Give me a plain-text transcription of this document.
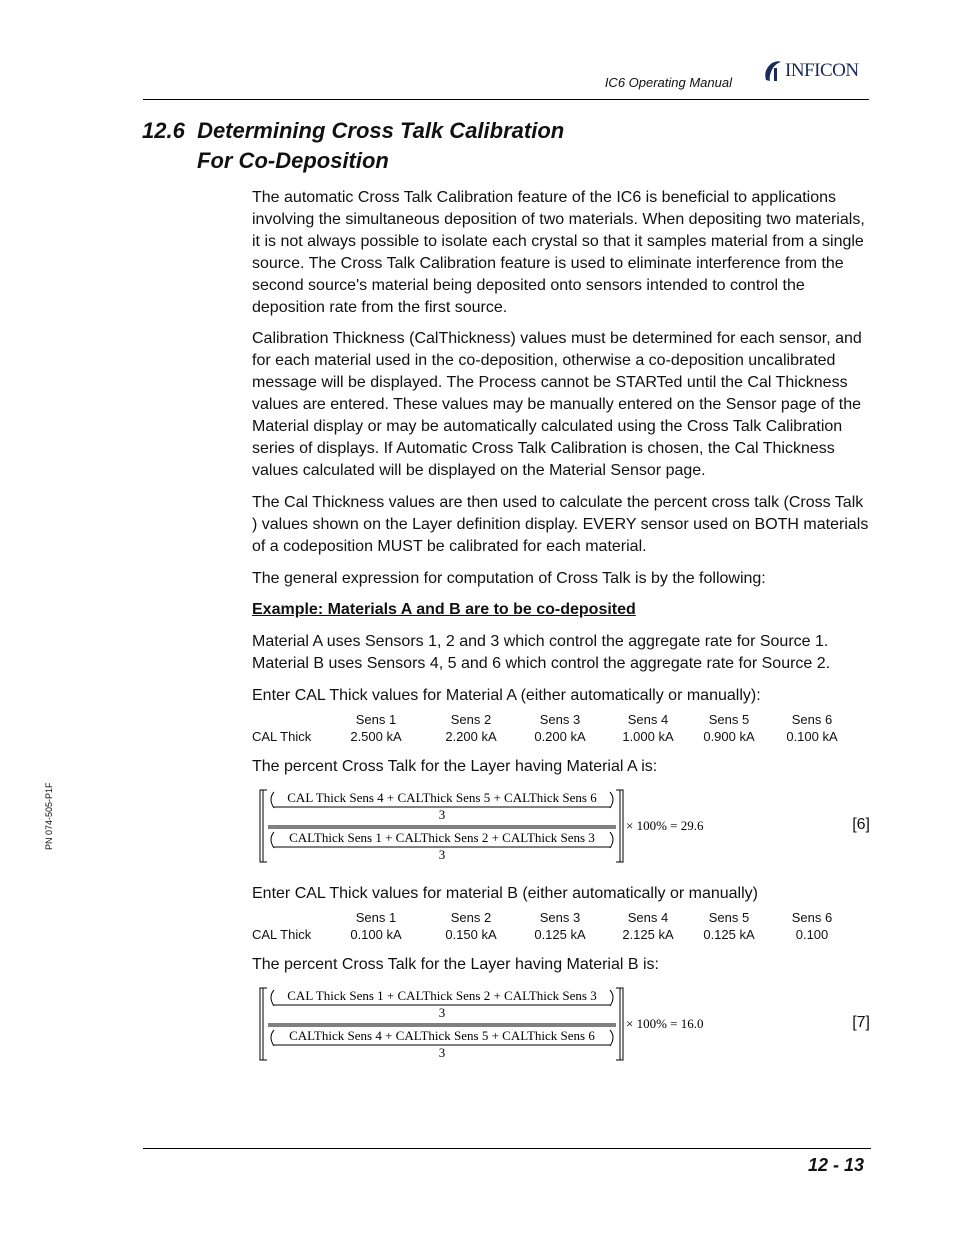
IC6 Operating Manual
INFICON
12.6 Determining Cross Talk Calibration
For Co-Deposition

The automatic Cross Talk Calibration feature of the IC6 is beneficial to applications involving the simultaneous deposition of two materials. When depositing two materials, it is not always possible to isolate each crystal so that it samples material from a single source. The Cross Talk Calibration feature is used to eliminate interference from the second source's material being deposited onto sensors intended to control the deposition rate from the first source.

Calibration Thickness (CalThickness) values must be determined for each sensor, and for each material used in the co-deposition, otherwise a co-deposition uncalibrated message will be displayed. The Process cannot be STARTed until the Cal Thickness values are entered. These values may be manually entered on the Sensor page of the Material display or may be automatically calculated using the Cross Talk Calibration series of displays. If Automatic Cross Talk Calibration is chosen, the Cal Thickness values calculated will be displayed on the Material Sensor page.

The Cal Thickness values are then used to calculate the percent cross talk (Cross Talk ) values shown on the Layer definition display. EVERY sensor used on BOTH materials of a codeposition MUST be calibrated for each material.

The general expression for computation of Cross Talk is by the following:

Example: Materials A and B are to be co-deposited

Material A uses Sensors 1, 2 and 3 which control the aggregate rate for Source 1. Material B uses Sensors 4, 5 and 6 which control the aggregate rate for Source 2.

Enter CAL Thick values for Material A (either automatically or manually):

Sens 1	Sens 2	Sens 3	Sens 4	Sens 5	Sens 6
CAL Thick	2.500 kA	2.200 kA	0.200 kA	1.000 kA 0.900 kA 0.100 kA

The percent Cross Talk for the Layer having Material A is:

CAL Thick Sens 4 + CALThick Sens 5 + CALThick Sens 6
3
CALThick Sens 1 + CALThick Sens 2 + CALThick Sens 3
3
× 100% = 29.6	[6]

Enter CAL Thick values for material B (either automatically or manually)

Sens 1	Sens 2	Sens 3	Sens 4	Sens 5	Sens 6
CAL Thick	0.100 kA	0.150 kA	0.125 kA	2.125 kA 0.125 kA	0.100

The percent Cross Talk for the Layer having Material B is:

CAL Thick Sens 1 + CALThick Sens 2 + CALThick Sens 3
3
CALThick Sens 4 + CALThick Sens 5 + CALThick Sens 6
3
× 100% = 16.0	[7]
PN 074-505-P1F
12 - 13
